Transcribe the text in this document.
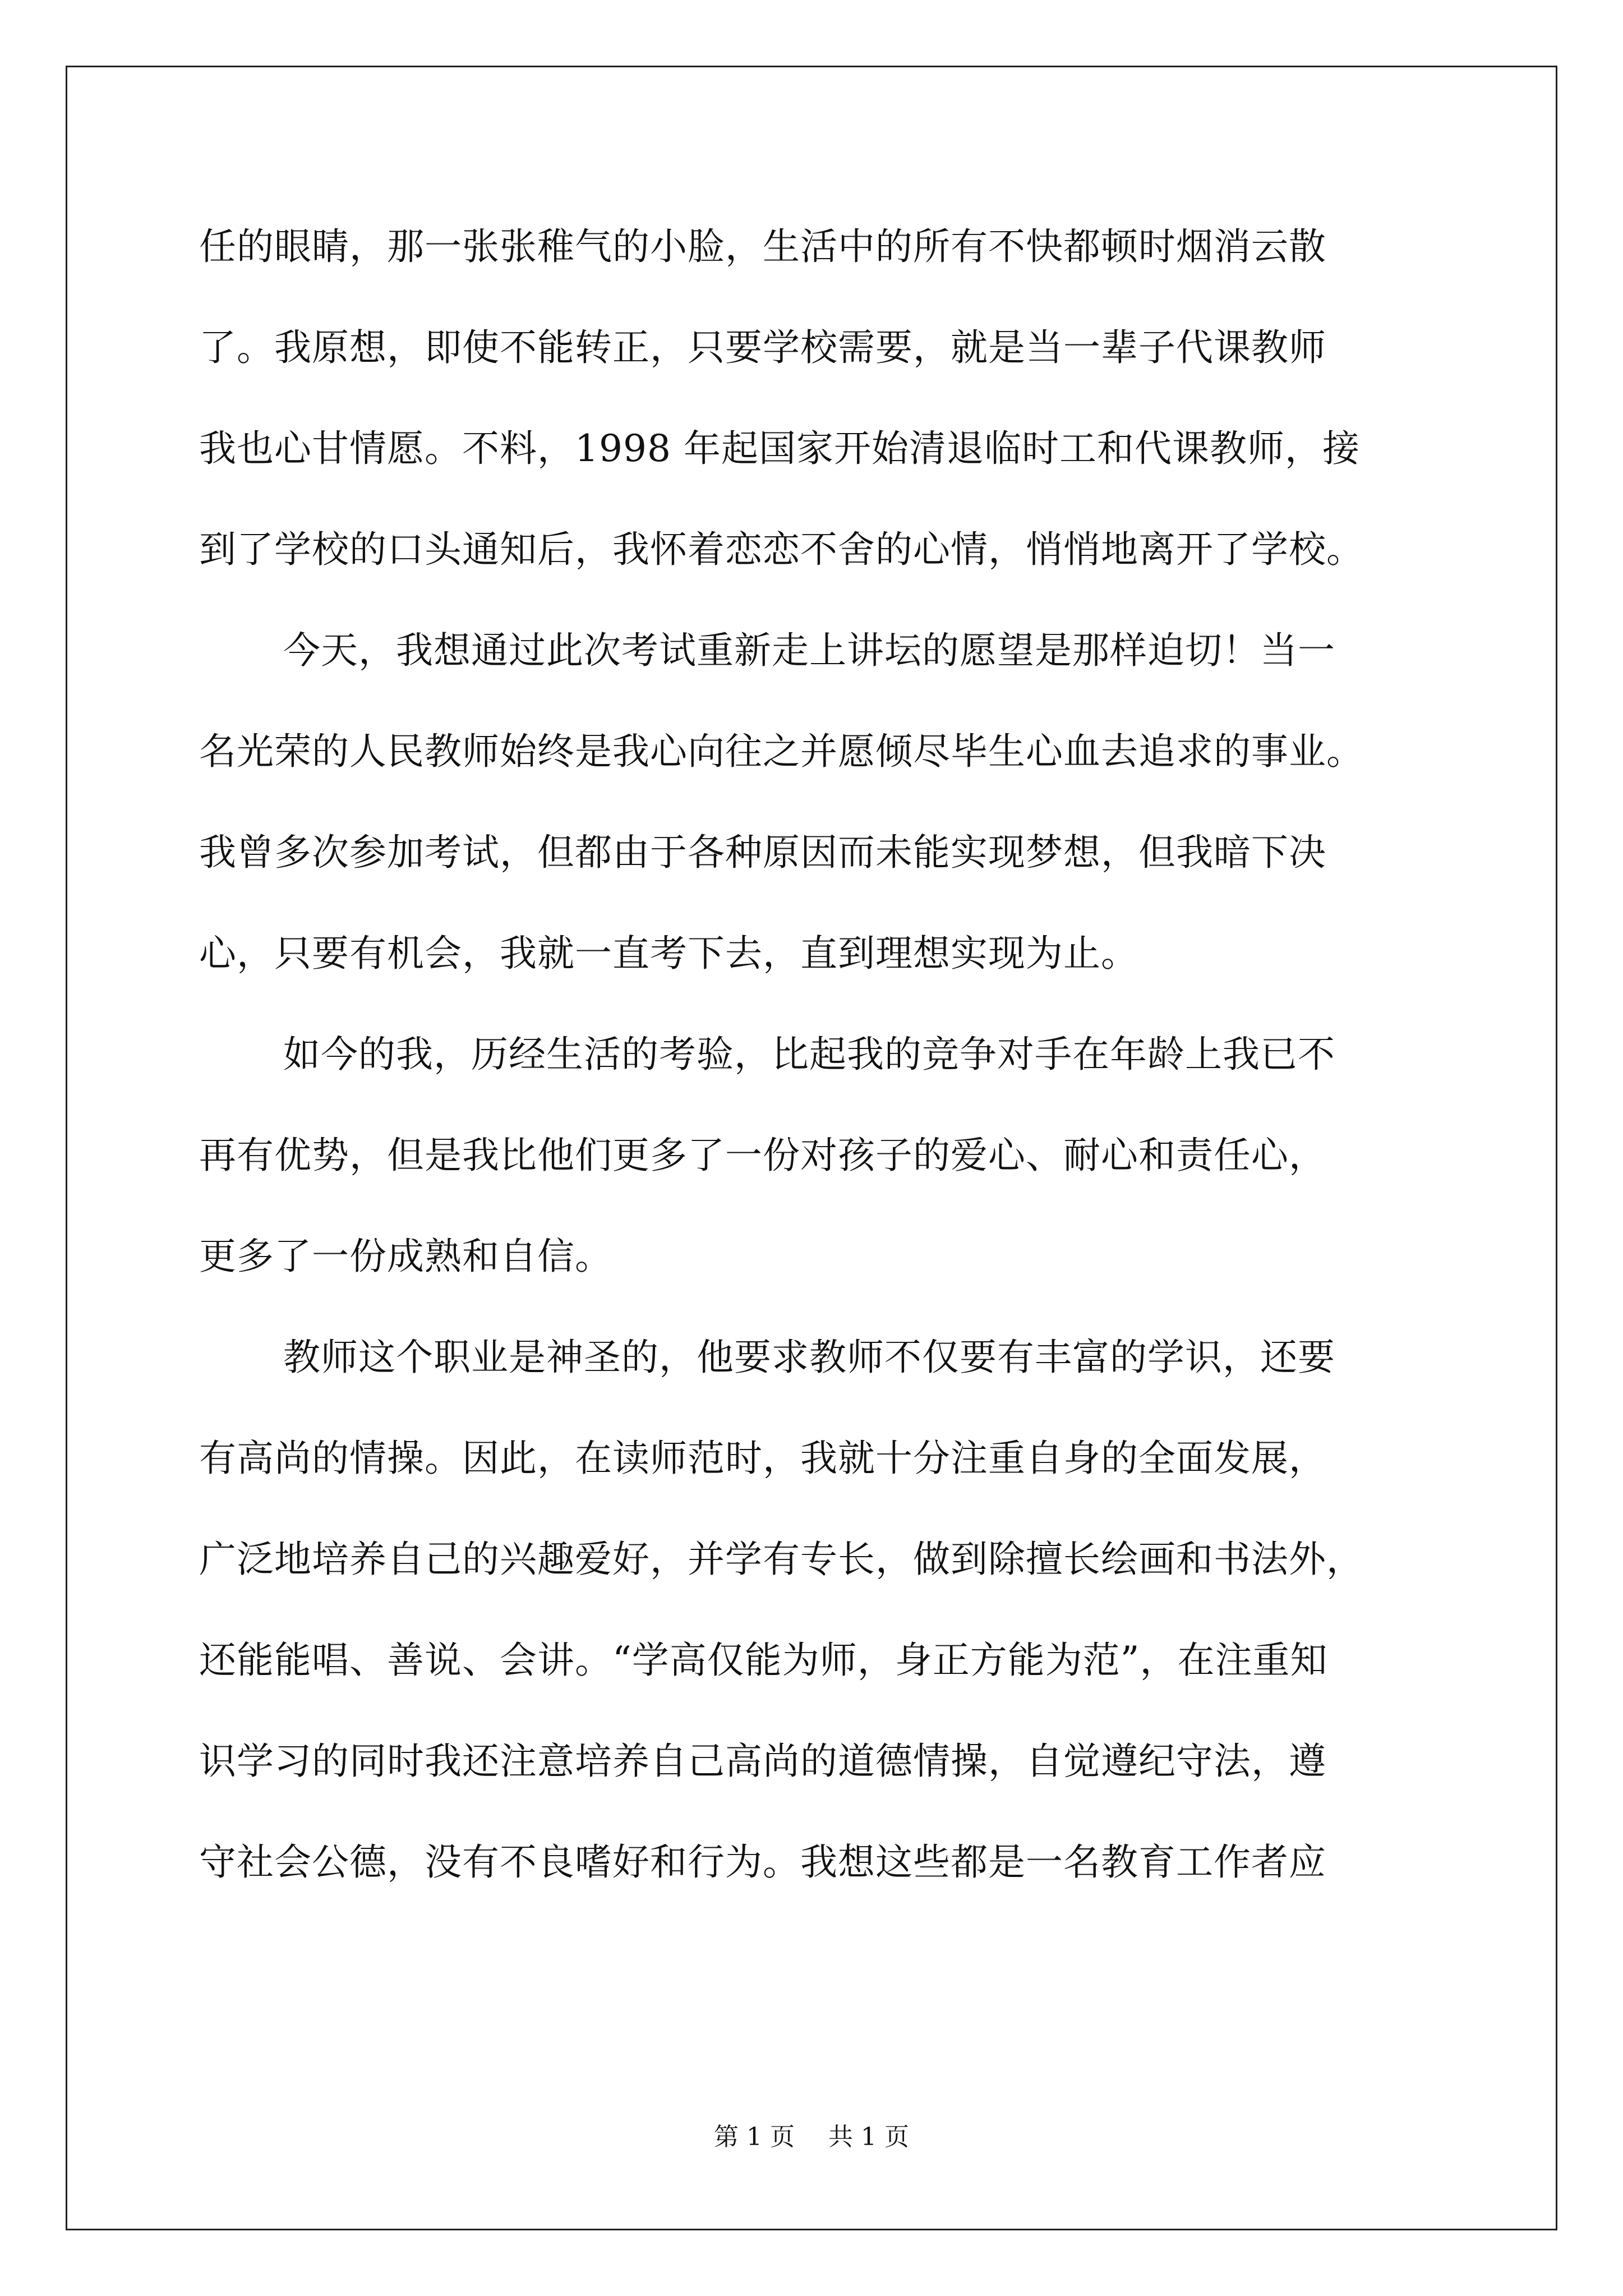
任的眼睛，那一张张稚气的小脸，生活中的所有不快都顿时烟消云散
了。我原想，即使不能转正，只要学校需要，就是当一辈子代课教师
我也心甘情愿。不料，1998 年起国家开始清退临时工和代课教师，接
到了学校的口头通知后，我怀着恋恋不舍的心情，悄悄地离开了学校。
今天，我想通过此次考试重新走上讲坛的愿望是那样迫切！当一
名光荣的人民教师始终是我心向往之并愿倾尽毕生心血去追求的事业。
我曾多次参加考试，但都由于各种原因而未能实现梦想，但我暗下决
心，只要有机会，我就一直考下去，直到理想实现为止。
如今的我，历经生活的考验，比起我的竞争对手在年龄上我已不
再有优势，但是我比他们更多了一份对孩子的爱心、耐心和责任心，
更多了一份成熟和自信。
教师这个职业是神圣的，他要求教师不仅要有丰富的学识，还要
有高尚的情操。因此，在读师范时，我就十分注重自身的全面发展，
广泛地培养自己的兴趣爱好，并学有专长，做到除擅长绘画和书法外，
还能能唱、善说、会讲。“学高仅能为师，身正方能为范”，在注重知
识学习的同时我还注意培养自己高尚的道德情操，自觉遵纪守法，遵
守社会公德，没有不良嗜好和行为。我想这些都是一名教育工作者应
第 1 页 共 1 页
